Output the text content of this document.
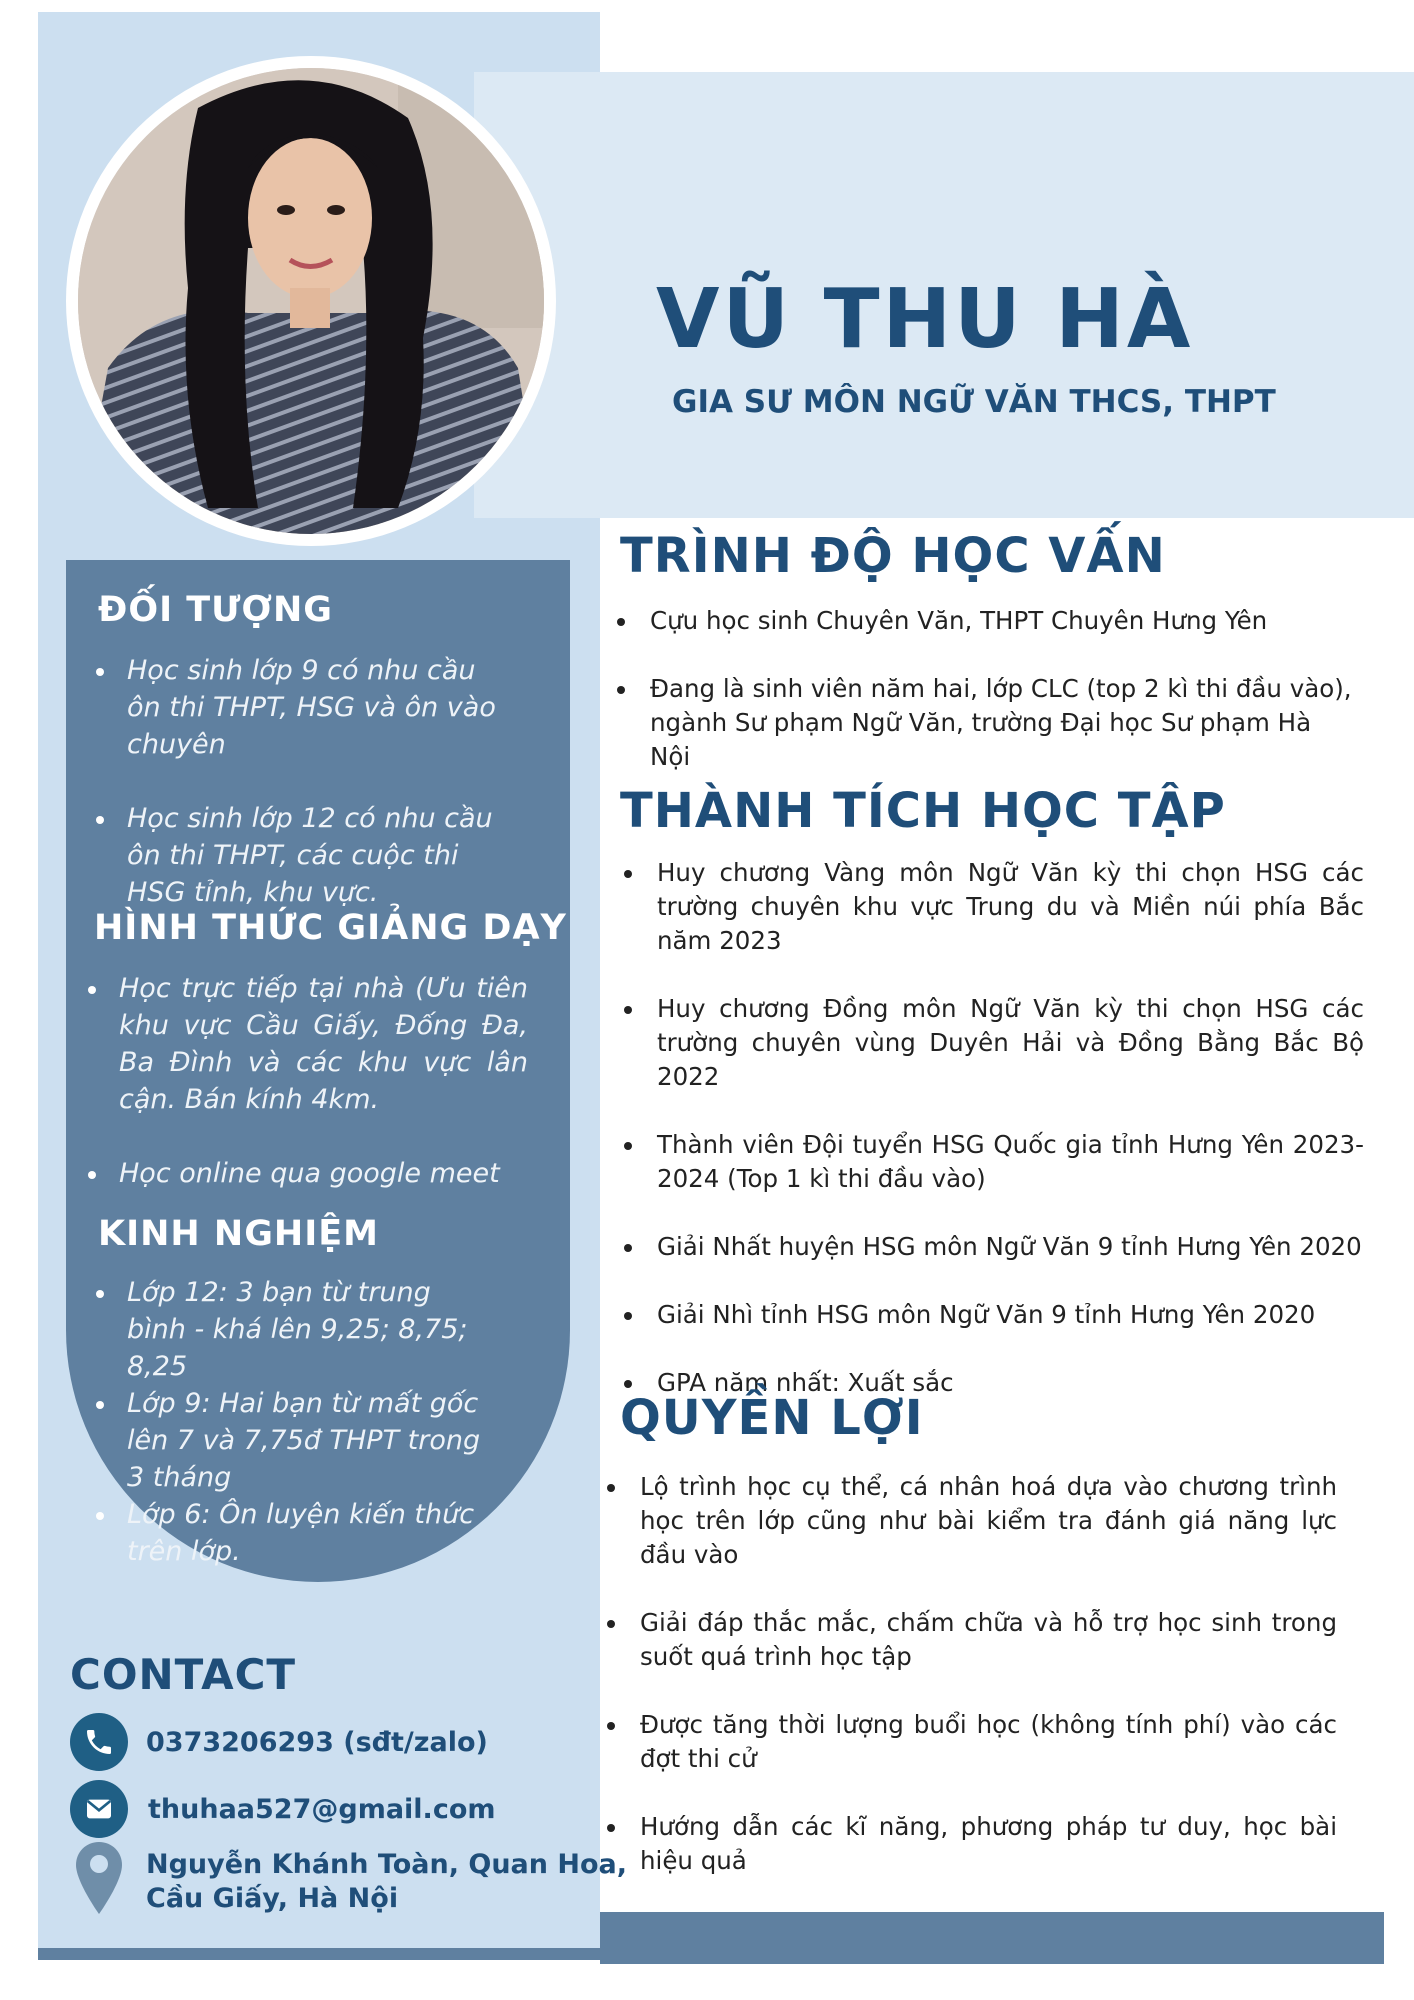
VŨ THU HÀ
GIA SƯ MÔN NGỮ VĂN THCS, THPT
ĐỐI TƯỢNG
Học sinh lớp 9 có nhu cầu ôn thi THPT, HSG và ôn vào chuyên
Học sinh lớp 12 có nhu cầu ôn thi THPT, các cuộc thi HSG tỉnh, khu vực.
HÌNH THỨC GIẢNG DẠY
Học trực tiếp tại nhà (Ưu tiên khu vực Cầu Giấy, Đống Đa, Ba Đình và các khu vực lân cận. Bán kính 4km.
Học online qua google meet
KINH NGHIỆM
Lớp 12: 3 bạn từ trung bình - khá lên 9,25; 8,75; 8,25
Lớp 9: Hai bạn từ mất gốc lên 7 và 7,75đ THPT trong 3 tháng
Lớp 6: Ôn luyện kiến thức trên lớp.
CONTACT
0373206293 (sđt/zalo)
thuhaa527@gmail.com
Nguyễn Khánh Toàn, Quan Hoa,
Cầu Giấy, Hà Nội
TRÌNH ĐỘ HỌC VẤN
Cựu học sinh Chuyên Văn, THPT Chuyên Hưng Yên
Đang là sinh viên năm hai, lớp CLC (top 2 kì thi đầu vào), ngành Sư phạm Ngữ Văn, trường Đại học Sư phạm Hà Nội
THÀNH TÍCH HỌC TẬP
Huy chương Vàng môn Ngữ Văn kỳ thi chọn HSG các trường chuyên khu vực Trung du và Miền núi phía Bắc năm 2023
Huy chương Đồng môn Ngữ Văn kỳ thi chọn HSG các trường chuyên vùng Duyên Hải và Đồng Bằng Bắc Bộ 2022
Thành viên Đội tuyển HSG Quốc gia tỉnh Hưng Yên 2023-2024 (Top 1 kì thi đầu vào)
Giải Nhất huyện HSG môn Ngữ Văn 9 tỉnh Hưng Yên 2020
Giải Nhì tỉnh HSG môn Ngữ Văn 9 tỉnh Hưng Yên 2020
GPA năm nhất: Xuất sắc
QUYỀN LỢI
Lộ trình học cụ thể, cá nhân hoá dựa vào chương trình học trên lớp cũng như bài kiểm tra đánh giá năng lực đầu vào
Giải đáp thắc mắc, chấm chữa và hỗ trợ học sinh trong suốt quá trình học tập
Được tăng thời lượng buổi học (không tính phí) vào các đợt thi cử
Hướng dẫn các kĩ năng, phương pháp tư duy, học bài hiệu quả
